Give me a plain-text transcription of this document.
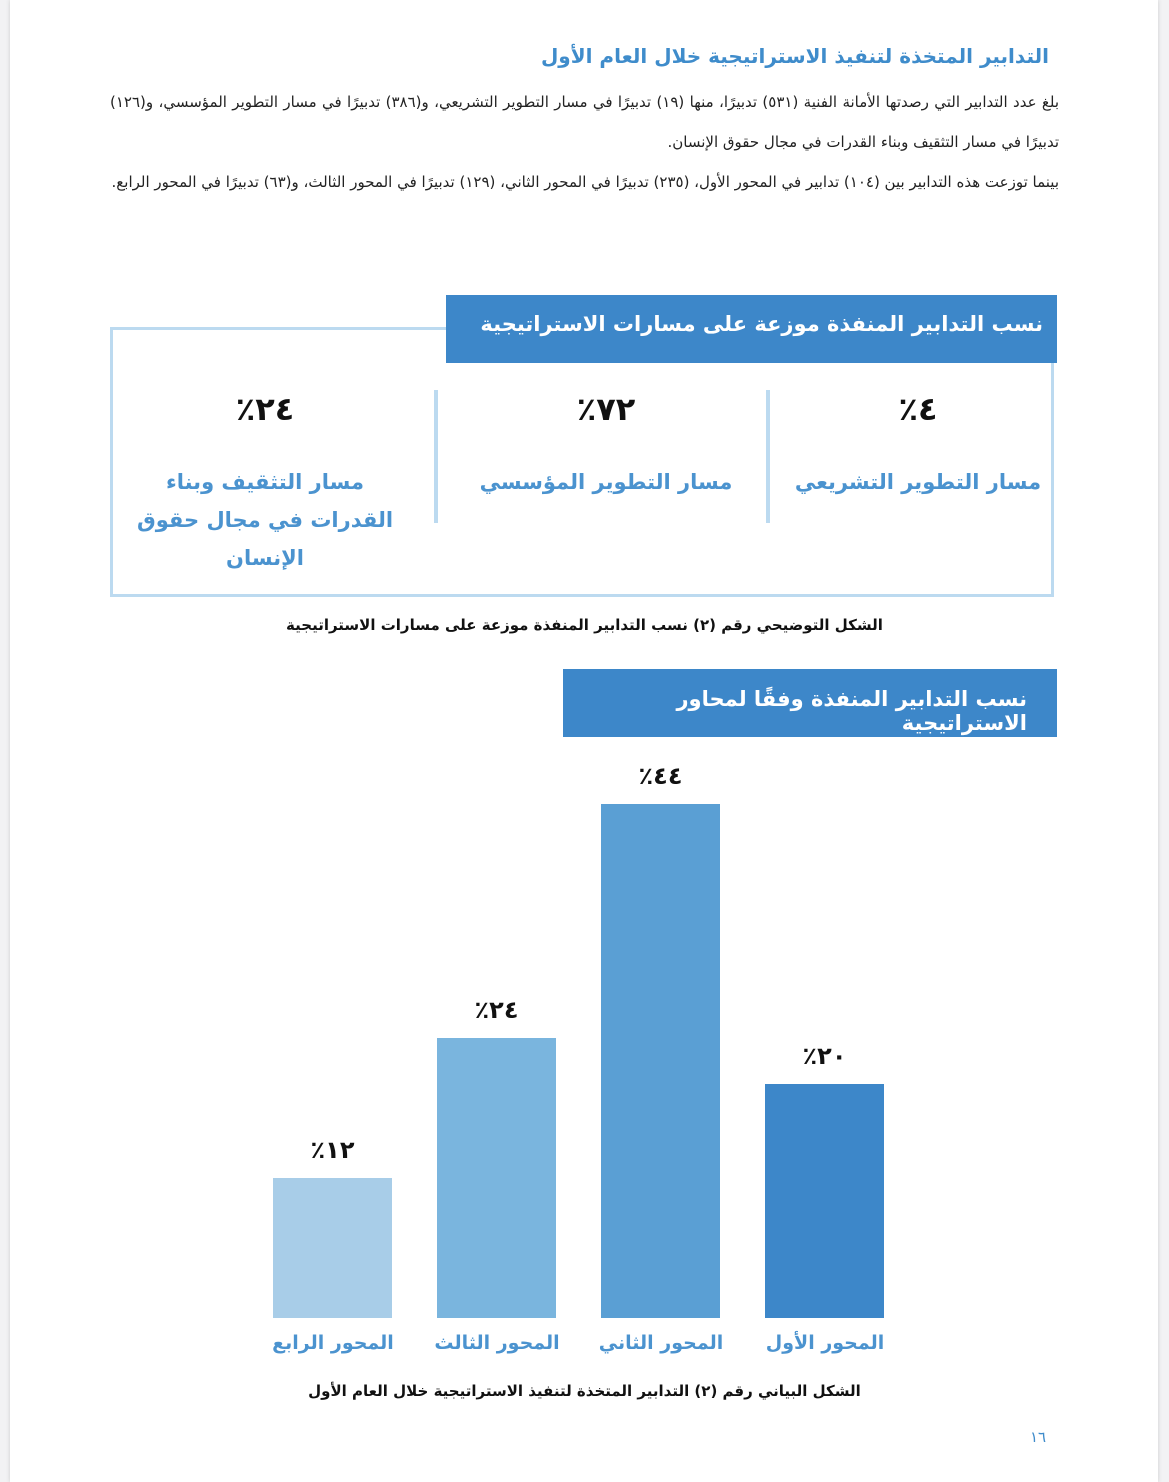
التدابير المتخذة لتنفيذ الاستراتيجية خلال العام الأول
بلغ عدد التدابير التي رصدتها الأمانة الفنية (٥٣١) تدبيرًا، منها (١٩) تدبيرًا في مسار التطوير التشريعي، و(٣٨٦) تدبيرًا في مسار التطوير المؤسسي، و(١٢٦) تدبيرًا في مسار التثقيف وبناء القدرات في مجال حقوق الإنسان.
بينما توزعت هذه التدابير بين (١٠٤) تدابير في المحور الأول، (٢٣٥) تدبيرًا في المحور الثاني، (١٢٩) تدبيرًا في المحور الثالث، و(٦٣) تدبيرًا في المحور الرابع.
نسب التدابير المنفذة موزعة على مسارات الاستراتيجية
٪٤
مسار التطوير التشريعي
٪٧٢
مسار التطوير المؤسسي
٪٢٤
مسار التثقيف وبناء القدرات في مجال حقوق الإنسان
الشكل التوضيحي رقم (٢) نسب التدابير المنفذة موزعة على مسارات الاستراتيجية
نسب التدابير المنفذة وفقًا لمحاور الاستراتيجية
٪٢٠
المحور الأول
٪٤٤
المحور الثاني
٪٢٤
المحور الثالث
٪١٢
المحور الرابع
الشكل البياني رقم (٢) التدابير المتخذة لتنفيذ الاستراتيجية خلال العام الأول
١٦
